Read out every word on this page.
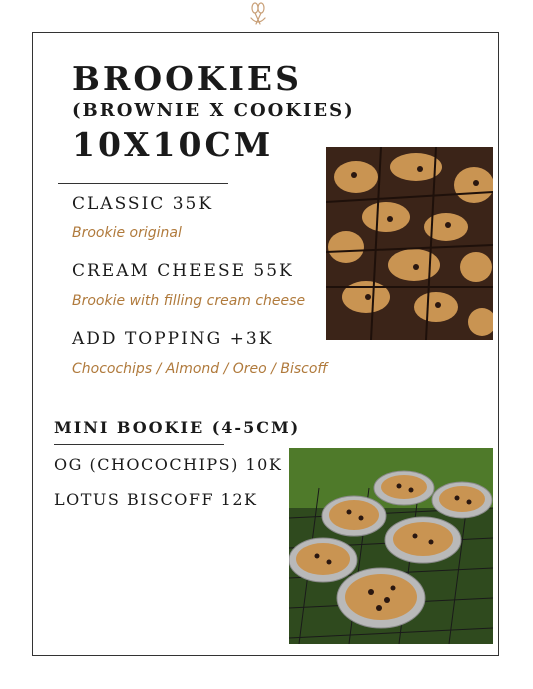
BROOKIES
(BROWNIE X COOKIES)
10X10CM
CLASSIC 35K
Brookie original
CREAM CHEESE 55K
Brookie with filling cream cheese
ADD TOPPING +3K
Chocochips / Almond / Oreo / Biscoff
MINI BOOKIE (4-5CM)
OG (CHOCOCHIPS) 10K
LOTUS BISCOFF 12K
